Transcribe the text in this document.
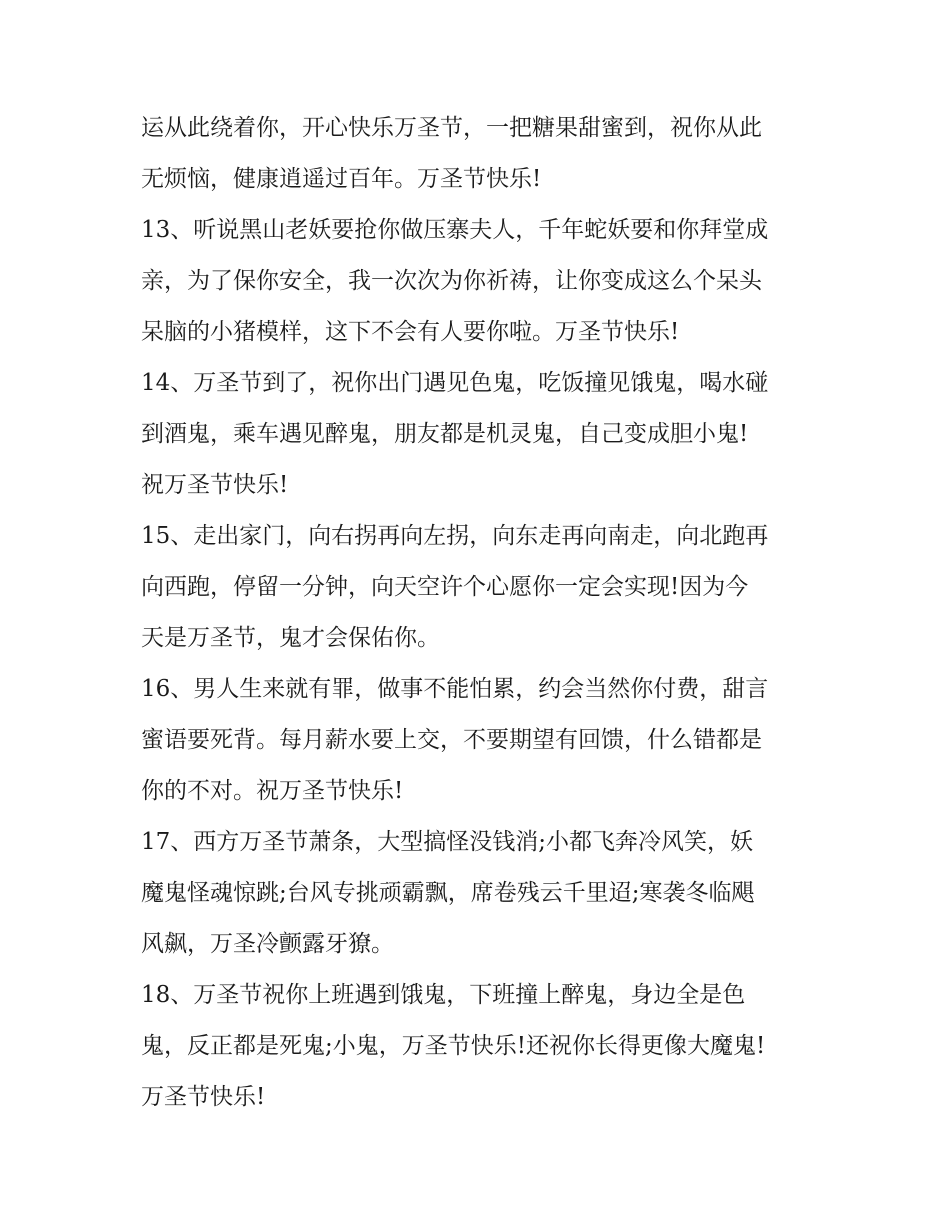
运从此绕着你，开心快乐万圣节，一把糖果甜蜜到，祝你从此
无烦恼，健康逍遥过百年。万圣节快乐!
13、听说黑山老妖要抢你做压寨夫人，千年蛇妖要和你拜堂成
亲，为了保你安全，我一次次为你祈祷，让你变成这么个呆头
呆脑的小猪模样，这下不会有人要你啦。万圣节快乐!
14、万圣节到了，祝你出门遇见色鬼，吃饭撞见饿鬼，喝水碰
到酒鬼，乘车遇见醉鬼，朋友都是机灵鬼，自己变成胆小鬼!
祝万圣节快乐!
15、走出家门，向右拐再向左拐，向东走再向南走，向北跑再
向西跑，停留一分钟，向天空许个心愿你一定会实现!因为今
天是万圣节，鬼才会保佑你。
16、男人生来就有罪，做事不能怕累，约会当然你付费，甜言
蜜语要死背。每月薪水要上交，不要期望有回馈，什么错都是
你的不对。祝万圣节快乐!
17、西方万圣节萧条，大型搞怪没钱消;小都飞奔冷风笑，妖
魔鬼怪魂惊跳;台风专挑顽霸飘，席卷残云千里迢;寒袭冬临飓
风飙，万圣冷颤露牙獠。
18、万圣节祝你上班遇到饿鬼，下班撞上醉鬼，身边全是色
鬼，反正都是死鬼;小鬼，万圣节快乐!还祝你长得更像大魔鬼!
万圣节快乐!
